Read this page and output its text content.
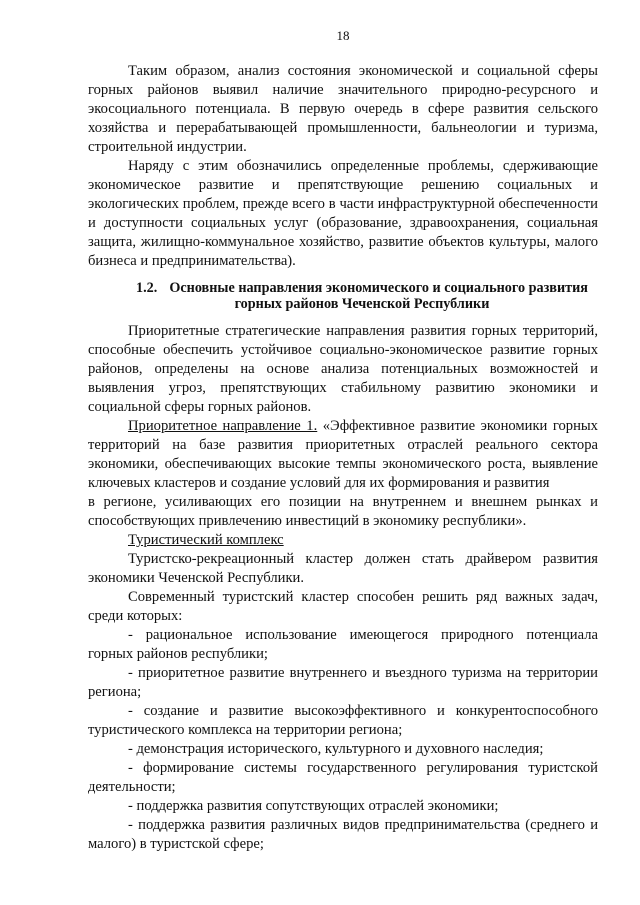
18

Таким образом, анализ состояния экономической и социальной сферы горных районов выявил наличие значительного природно-ресурсного и экосоциального потенциала. В первую очередь в сфере развития сельского хозяйства и перерабатывающей промышленности, бальнеологии и туризма, строительной индустрии.

Наряду с этим обозначились определенные проблемы, сдерживающие экономическое развитие и препятствующие решению социальных и экологических проблем, прежде всего в части инфраструктурной обеспеченности и доступности социальных услуг (образование, здравоохранения, социальная защита, жилищно-коммунальное хозяйство, развитие объектов культуры, малого бизнеса и предпринимательства).

1.2. Основные направления экономического и социального развития горных районов Чеченской Республики

Приоритетные стратегические направления развития горных территорий, способные обеспечить устойчивое социально-экономическое развитие горных районов, определены на основе анализа потенциальных возможностей и выявления угроз, препятствующих стабильному развитию экономики и социальной сферы горных районов.

Приоритетное направление 1. «Эффективное развитие экономики горных территорий на базе развития приоритетных отраслей реального сектора экономики, обеспечивающих высокие темпы экономического роста, выявление ключевых кластеров и создание условий для их формирования и развития

в регионе, усиливающих его позиции на внутреннем и внешнем рынках и способствующих привлечению инвестиций в экономику республики».

Туристический комплекс

Туристско-рекреационный кластер должен стать драйвером развития экономики Чеченской Республики.

Современный туристский кластер способен решить ряд важных задач, среди которых:

- рациональное использование имеющегося природного потенциала горных районов республики;

- приоритетное развитие внутреннего и въездного туризма на территории региона;

- создание и развитие высокоэффективного и конкурентоспособного туристического комплекса на территории региона;

- демонстрация исторического, культурного и духовного наследия;

- формирование системы государственного регулирования туристской деятельности;

- поддержка развития сопутствующих отраслей экономики;

- поддержка развития различных видов предпринимательства (среднего и малого) в туристской сфере;
